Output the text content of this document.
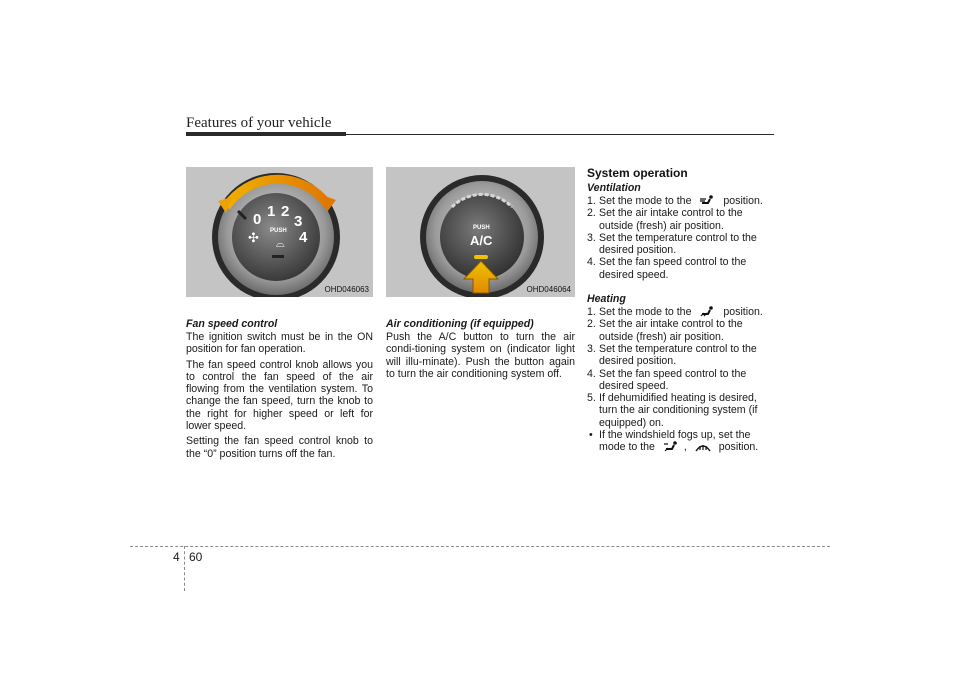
Features of your vehicle
0 1 2
3
4
PUSH
✣ ⌓
OHD046063
PUSH
A/C
OHD046064
Fan speed control

The ignition switch must be in the ON position for fan operation.

The fan speed control knob allows you to control the fan speed of the air flowing from the ventilation system. To change the fan speed, turn the knob to the right for higher speed or left for lower speed.

Setting the fan speed control knob to the “0” position turns off the fan.

Air conditioning (if equipped)

Push the A/C button to turn the air condi-tioning system on (indicator light will illu-minate). Push the button again to turn the air conditioning system off.

System operation
Ventilation
1. Set the mode to the	position.
2. Set the air intake control to the outside (fresh) air position.
3. Set the temperature control to the desired position.
4. Set the fan speed control to the desired speed.
Heating
1. Set the mode to the	position.
2. Set the air intake control to the outside (fresh) air position.
3. Set the temperature control to the desired position.
4. Set the fan speed control to the desired speed.
5. If dehumidified heating is desired, turn the air conditioning system (if equipped) on.
• If the windshield fogs up, set the mode to the	,	position.
4 60
